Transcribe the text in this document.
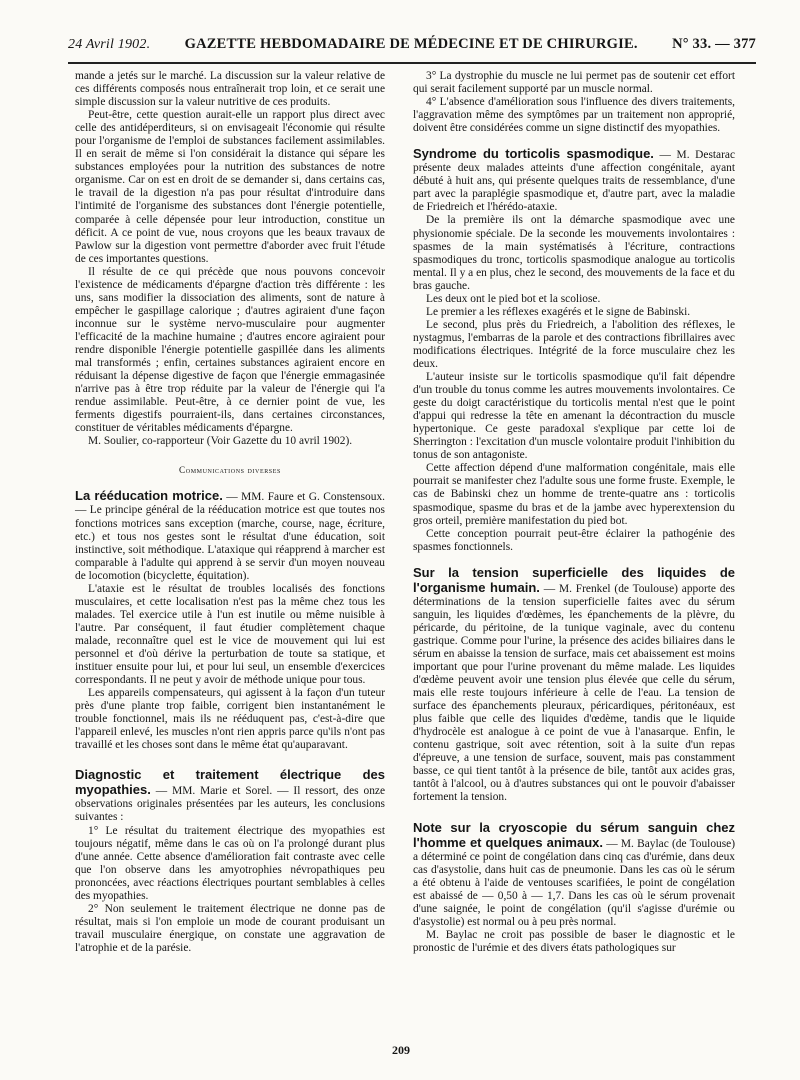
24 Avril 1902. GAZETTE HEBDOMADAIRE DE MÉDECINE ET DE CHIRURGIE. N° 33. — 377

mande a jetés sur le marché. La discussion sur la valeur relative de ces différents composés nous entraînerait trop loin, et ce serait une simple discussion sur la valeur nutritive de ces produits.

Peut-être, cette question aurait-elle un rapport plus direct avec celle des antidéperditeurs, si on envisageait l'économie qui résulte pour l'organisme de l'emploi de substances facilement assimilables. Il en serait de même si l'on considérait la distance qui sépare les substances employées pour la nutrition des substances de notre organisme. Car on est en droit de se demander si, dans certains cas, le travail de la digestion n'a pas pour résultat d'introduire dans l'intimité de l'organisme des substances dont l'énergie potentielle, comparée à celle dépensée pour leur introduction, constitue un déficit. A ce point de vue, nous croyons que les beaux travaux de Pawlow sur la digestion vont permettre d'aborder avec fruit l'étude de ces importantes questions.

Il résulte de ce qui précède que nous pouvons concevoir l'existence de médicaments d'épargne d'action très différente : les uns, sans modifier la dissociation des aliments, sont de nature à empêcher le gaspillage calorique ; d'autres agiraient d'une façon inconnue sur le système nervo-musculaire pour augmenter l'efficacité de la machine humaine ; d'autres encore agiraient pour rendre disponible l'énergie potentielle gaspillée dans les aliments mal transformés ; enfin, certaines substances agiraient encore en réduisant la dépense digestive de façon que l'énergie emmagasinée n'arrive pas à être trop réduite par la valeur de l'énergie qui l'a rendue assimilable. Peut-être, à ce dernier point de vue, les ferments digestifs pourraient-ils, dans certaines circonstances, constituer de véritables médicaments d'épargne.

M. Soulier, co-rapporteur (Voir Gazette du 10 avril 1902).

Communications diverses

La rééducation motrice. — MM. Faure et G. Constensoux. — Le principe général de la rééducation motrice est que toutes nos fonctions motrices sans exception (marche, course, nage, écriture, etc.) et tous nos gestes sont le résultat d'une éducation, soit instinctive, soit méthodique. L'ataxique qui réapprend à marcher est comparable à l'adulte qui apprend à se servir d'un moyen nouveau de locomotion (bicyclette, équitation).

L'ataxie est le résultat de troubles localisés des fonctions musculaires, et cette localisation n'est pas la même chez tous les malades. Tel exercice utile à l'un est inutile ou même nuisible à l'autre. Par conséquent, il faut étudier complètement chaque malade, reconnaître quel est le vice de mouvement qui lui est personnel et d'où dérive la perturbation de toute sa statique, et instituer ensuite pour lui, et pour lui seul, un ensemble d'exercices correspondants. Il ne peut y avoir de méthode unique pour tous.

Les appareils compensateurs, qui agissent à la façon d'un tuteur près d'une plante trop faible, corrigent bien instantanément le trouble fonctionnel, mais ils ne rééduquent pas, c'est-à-dire que l'appareil enlevé, les muscles n'ont rien appris parce qu'ils n'ont pas travaillé et les choses sont dans le même état qu'auparavant.

Diagnostic et traitement électrique des myopathies. — MM. Marie et Sorel. — Il ressort, des onze observations originales présentées par les auteurs, les conclusions suivantes :

1° Le résultat du traitement électrique des myopathies est toujours négatif, même dans le cas où on l'a prolongé durant plus d'une année. Cette absence d'amélioration fait contraste avec celle que l'on observe dans les amyotrophies névropathiques peu prononcées, avec réactions électriques pourtant semblables à celles des myopathies.

2° Non seulement le traitement électrique ne donne pas de résultat, mais si l'on emploie un mode de courant produisant un travail musculaire énergique, on constate une aggravation de l'atrophie et de la parésie.

3° La dystrophie du muscle ne lui permet pas de soutenir cet effort qui serait facilement supporté par un muscle normal.

4° L'absence d'amélioration sous l'influence des divers traitements, l'aggravation même des symptômes par un traitement non approprié, doivent être considérées comme un signe distinctif des myopathies.

Syndrome du torticolis spasmodique. — M. Destarac présente deux malades atteints d'une affection congénitale, ayant débuté à huit ans, qui présente quelques traits de ressemblance, d'une part avec la paraplégie spasmodique et, d'autre part, avec la maladie de Friedreich et l'hérédo-ataxie.

De la première ils ont la démarche spasmodique avec une physionomie spéciale. De la seconde les mouvements involontaires : spasmes de la main systématisés à l'écriture, contractions spasmodiques du tronc, torticolis spasmodique analogue au torticolis mental. Il y a en plus, chez le second, des mouvements de la face et du bras gauche.

Les deux ont le pied bot et la scoliose.

Le premier a les réflexes exagérés et le signe de Babinski.

Le second, plus près du Friedreich, a l'abolition des réflexes, le nystagmus, l'embarras de la parole et des contractions fibrillaires avec modifications électriques. Intégrité de la force musculaire chez les deux.

L'auteur insiste sur le torticolis spasmodique qu'il fait dépendre d'un trouble du tonus comme les autres mouvements involontaires. Ce geste du doigt caractéristique du torticolis mental n'est que le point d'appui qui redresse la tête en amenant la décontraction du muscle hypertonique. Ce geste paradoxal s'explique par cette loi de Sherrington : l'excitation d'un muscle volontaire produit l'inhibition du tonus de son antagoniste.

Cette affection dépend d'une malformation congénitale, mais elle pourrait se manifester chez l'adulte sous une forme fruste. Exemple, le cas de Babinski chez un homme de trente-quatre ans : torticolis spasmodique, spasme du bras et de la jambe avec hyperextension du gros orteil, première manifestation du pied bot.

Cette conception pourrait peut-être éclairer la pathogénie des spasmes fonctionnels.

Sur la tension superficielle des liquides de l'organisme humain. — M. Frenkel (de Toulouse) apporte des déterminations de la tension superficielle faites avec du sérum sanguin, les liquides d'œdèmes, les épanchements de la plèvre, du péricarde, du péritoine, de la tunique vaginale, avec du contenu gastrique. Comme pour l'urine, la présence des acides biliaires dans le sérum en abaisse la tension de surface, mais cet abaissement est moins important que pour l'urine provenant du même malade. Les liquides d'œdème peuvent avoir une tension plus élevée que celle du sérum, mais elle reste toujours inférieure à celle de l'eau. La tension de surface des épanchements pleuraux, péricardiques, péritonéaux, est plus faible que celle des liquides d'œdème, tandis que le liquide d'hydrocèle est analogue à ce point de vue à l'anasarque. Enfin, le contenu gastrique, soit avec rétention, soit à la suite d'un repas d'épreuve, a une tension de surface, souvent, mais pas constamment basse, ce qui tient tantôt à la présence de bile, tantôt aux acides gras, tantôt à l'alcool, ou à d'autres substances qui ont le pouvoir d'abaisser fortement la tension.

Note sur la cryoscopie du sérum sanguin chez l'homme et quelques animaux. — M. Baylac (de Toulouse) a déterminé ce point de congélation dans cinq cas d'urémie, dans deux cas d'asystolie, dans huit cas de pneumonie. Dans les cas où le sérum a été obtenu à l'aide de ventouses scarifiées, le point de congélation est abaissé de — 0,50 à — 1,7. Dans les cas où le sérum provenait d'une saignée, le point de congélation (qu'il s'agisse d'urémie ou d'asystolie) est normal ou à peu près normal.

M. Baylac ne croit pas possible de baser le diagnostic et le pronostic de l'urémie et des divers états pathologiques sur

209
